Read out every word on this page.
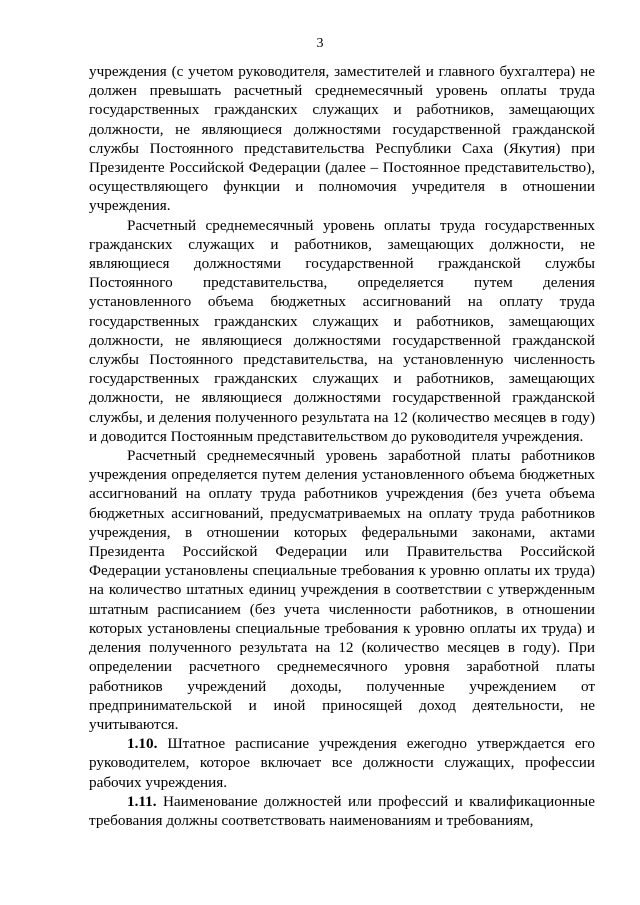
3

учреждения (с учетом руководителя, заместителей и главного бухгалтера) не должен превышать расчетный среднемесячный уровень оплаты труда государственных гражданских служащих и работников, замещающих должности, не являющиеся должностями государственной гражданской службы Постоянного представительства Республики Саха (Якутия) при Президенте Российской Федерации (далее – Постоянное представительство), осуществляющего функции и полномочия учредителя в отношении учреждения.

Расчетный среднемесячный уровень оплаты труда государственных гражданских служащих и работников, замещающих должности, не являющиеся должностями государственной гражданской службы Постоянного представительства, определяется путем деления установленного объема бюджетных ассигнований на оплату труда государственных гражданских служащих и работников, замещающих должности, не являющиеся должностями государственной гражданской службы Постоянного представительства, на установленную численность государственных гражданских служащих и работников, замещающих должности, не являющиеся должностями государственной гражданской службы, и деления полученного результата на 12 (количество месяцев в году) и доводится Постоянным представительством до руководителя учреждения.

Расчетный среднемесячный уровень заработной платы работников учреждения определяется путем деления установленного объема бюджетных ассигнований на оплату труда работников учреждения (без учета объема бюджетных ассигнований, предусматриваемых на оплату труда работников учреждения, в отношении которых федеральными законами, актами Президента Российской Федерации или Правительства Российской Федерации установлены специальные требования к уровню оплаты их труда) на количество штатных единиц учреждения в соответствии с утвержденным штатным расписанием (без учета численности работников, в отношении которых установлены специальные требования к уровню оплаты их труда) и деления полученного результата на 12 (количество месяцев в году). При определении расчетного среднемесячного уровня заработной платы работников учреждений доходы, полученные учреждением от предпринимательской и иной приносящей доход деятельности, не учитываются.

1.10. Штатное расписание учреждения ежегодно утверждается его руководителем, которое включает все должности служащих, профессии рабочих учреждения.

1.11. Наименование должностей или профессий и квалификационные требования должны соответствовать наименованиям и требованиям,
